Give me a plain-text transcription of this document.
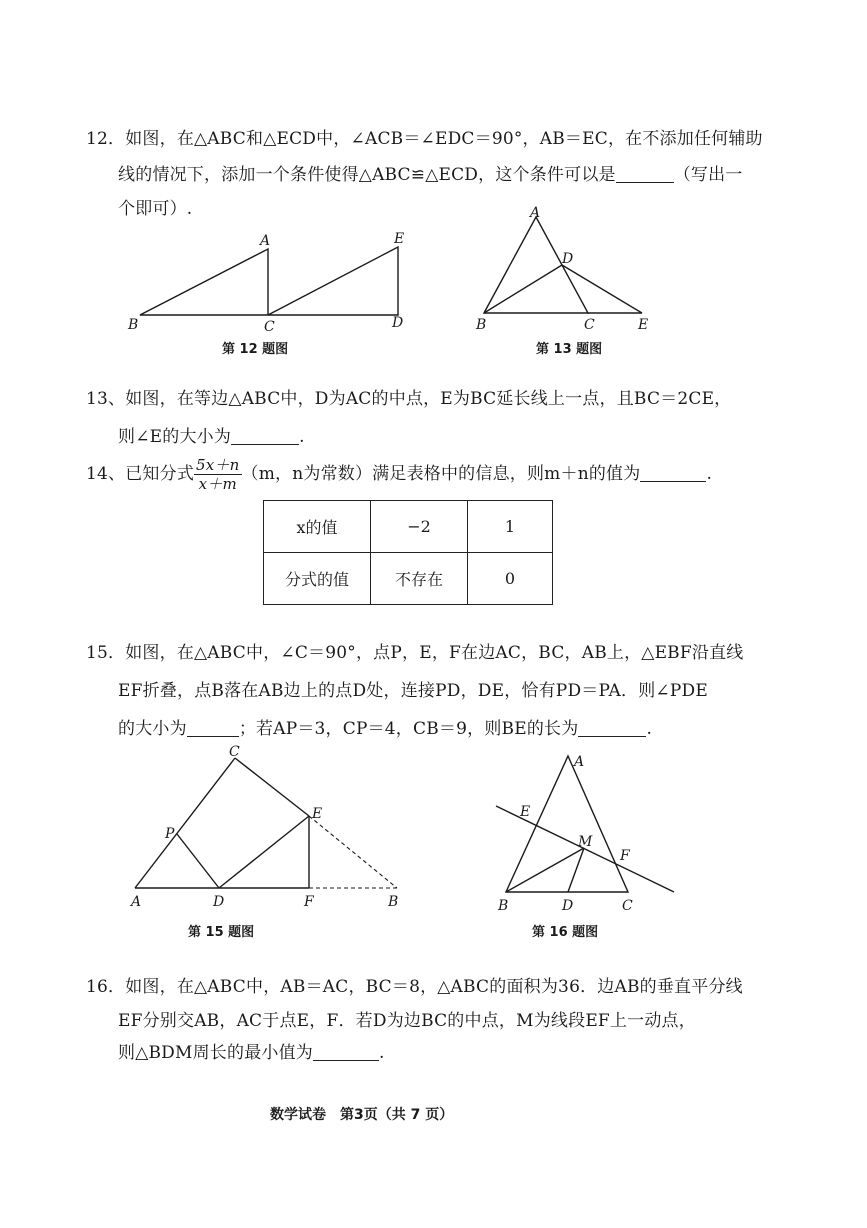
12．如图，在△ABC和△ECD中，∠ACB＝∠EDC＝90°，AB＝EC，在不添加任何辅助
线的情况下，添加一个条件使得△ABC≌△ECD，这个条件可以是	（写出一
个即可）.
A
B	C	D
E
第 12 题图
A
B	C
D
E
第 13 题图
13、如图，在等边△ABC中，D为AC的中点，E为BC延长线上一点，且BC＝2CE，
则∠E的大小为	.
14、已知分式 $\frac{5x+n}{x+m} (m$，n为常数）满足表格中的信息，则m＋n的值为	.
x的值	−2	1
分式的值	不存在	0
15．如图，在△ABC中，∠C＝90°，点P，E，F在边AC，BC，AB上，△EBF沿直线
EF折叠，点B落在AB边上的点D处，连接PD，DE，恰有PD＝PA．则∠PDE
的大小为	；若AP＝3，CP＝4，CB＝9，则BE的长为	.
C
P
E
A	D	F	B
第 15 题图
A
E
M
F
B	D	C
第 16 题图
16．如图，在△ABC中，AB＝AC，BC＝8，△ABC的面积为36．边AB的垂直平分线
EF分别交AB，AC于点E，F．若D为边BC的中点，M为线段EF上一动点，
则△BDM周长的最小值为	.
数学试卷　第3页（共 7 页）
